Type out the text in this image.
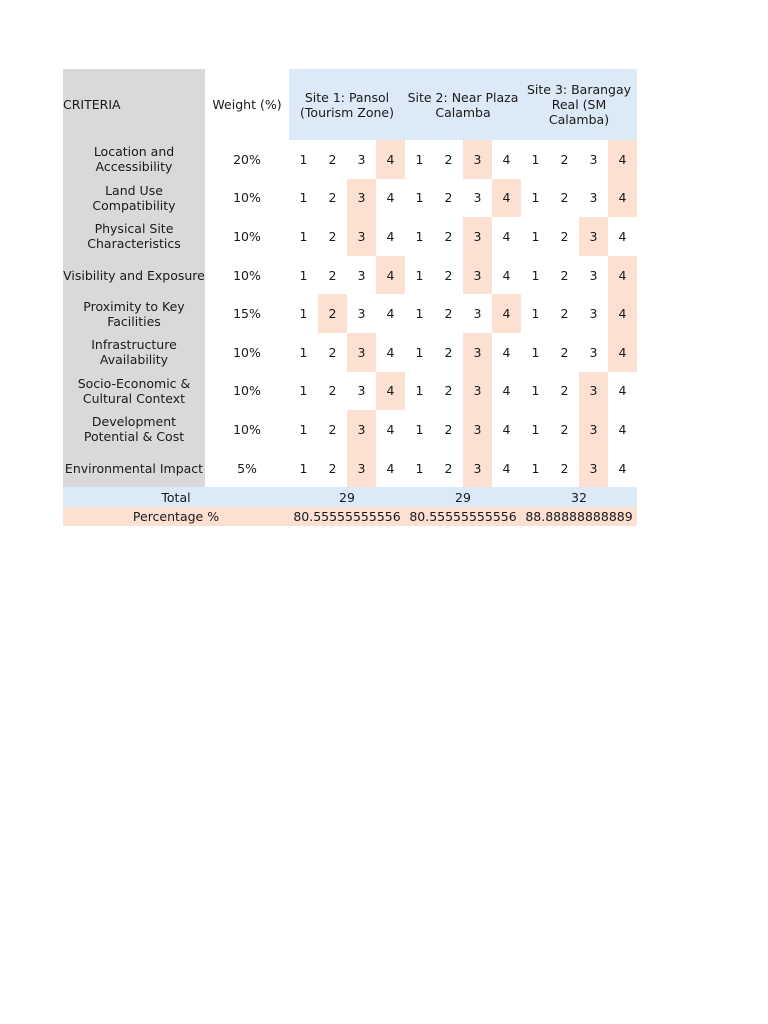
CRITERIA	Weight (%)		Site 1: Pansol (Tourism Zone)				Site 2: Near Plaza Calamba				Site 3: Barangay Real (SM Calamba)			
Location and Accessibility	20%		1	2	3	4	1	2	3	4	1	2	3	4
Land Use Compatibility	10%		1	2	3	4	1	2	3	4	1	2	3	4
Physical Site Characteristics	10%		1	2	3	4	1	2	3	4	1	2	3	4
Visibility and Exposure	10%		1	2	3	4	1	2	3	4	1	2	3	4
Proximity to Key Facilities	15%		1	2	3	4	1	2	3	4	1	2	3	4
Infrastructure Availability	10%		1	2	3	4	1	2	3	4	1	2	3	4
Socio-Economic & Cultural Context	10%		1	2	3	4	1	2	3	4	1	2	3	4
Development Potential & Cost	10%		1	2	3	4	1	2	3	4	1	2	3	4
Environmental Impact	5%		1	2	3	4	1	2	3	4	1	2	3	4
Total		29				29				32			
Percentage %		80.55555555556				80.55555555556				88.88888888889			
